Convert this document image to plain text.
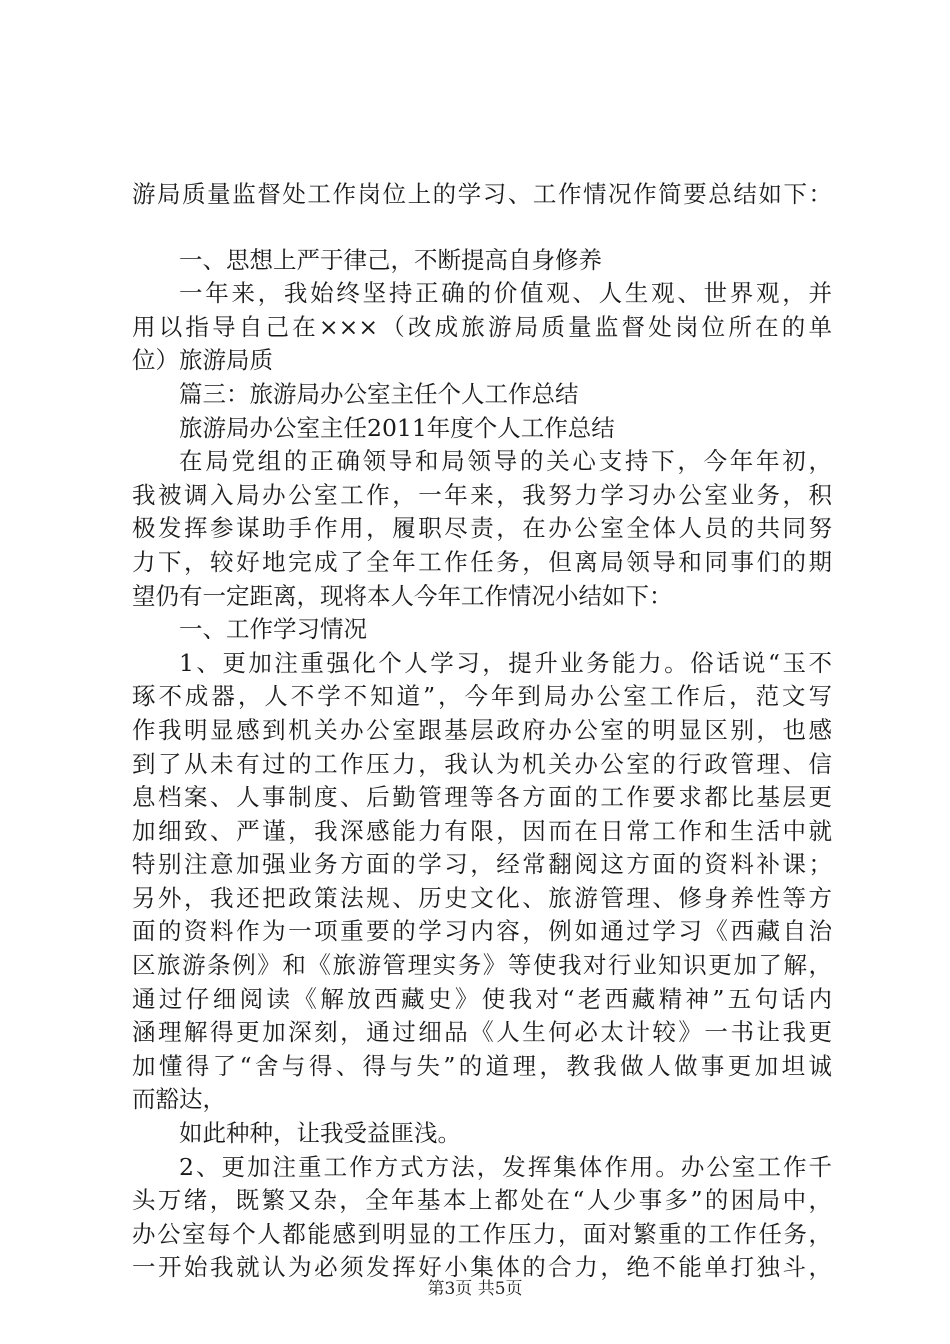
游局质量监督处工作岗位上的学习、工作情况作简要总结如下：
一、思想上严于律己，不断提高自身修养
一年来，我始终坚持正确的价值观、人生观、世界观，并
用以指导自己在×××（改成旅游局质量监督处岗位所在的单
位）旅游局质
篇三：旅游局办公室主任个人工作总结
旅游局办公室主任2011年度个人工作总结
在局党组的正确领导和局领导的关心支持下，今年年初，
我被调入局办公室工作，一年来，我努力学习办公室业务，积
极发挥参谋助手作用，履职尽责，在办公室全体人员的共同努
力下，较好地完成了全年工作任务，但离局领导和同事们的期
望仍有一定距离，现将本人今年工作情况小结如下：
一、工作学习情况
1、更加注重强化个人学习，提升业务能力。俗话说“玉不
琢不成器，人不学不知道”，今年到局办公室工作后，范文写
作我明显感到机关办公室跟基层政府办公室的明显区别，也感
到了从未有过的工作压力，我认为机关办公室的行政管理、信
息档案、人事制度、后勤管理等各方面的工作要求都比基层更
加细致、严谨，我深感能力有限，因而在日常工作和生活中就
特别注意加强业务方面的学习，经常翻阅这方面的资料补课；
另外，我还把政策法规、历史文化、旅游管理、修身养性等方
面的资料作为一项重要的学习内容，例如通过学习《西藏自治
区旅游条例》和《旅游管理实务》等使我对行业知识更加了解，
通过仔细阅读《解放西藏史》使我对“老西藏精神”五句话内
涵理解得更加深刻，通过细品《人生何必太计较》一书让我更
加懂得了“舍与得、得与失”的道理，教我做人做事更加坦诚
而豁达，
如此种种，让我受益匪浅。
2、更加注重工作方式方法，发挥集体作用。办公室工作千
头万绪，既繁又杂，全年基本上都处在“人少事多”的困局中，
办公室每个人都能感到明显的工作压力，面对繁重的工作任务，
一开始我就认为必须发挥好小集体的合力，绝不能单打独斗，
第3页 共5页
